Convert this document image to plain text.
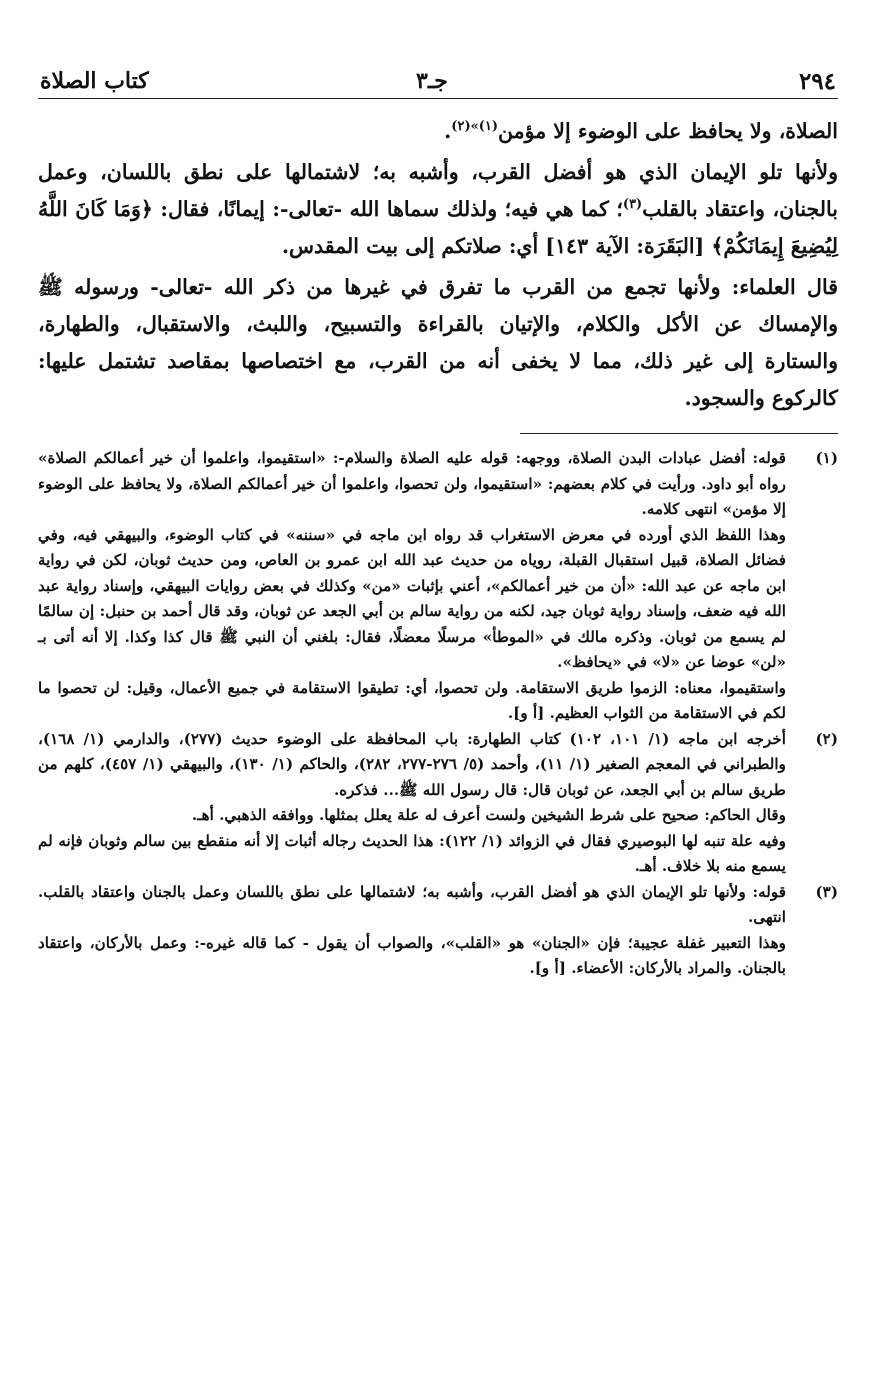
٢٩٤
جـ٣
كتاب الصلاة

الصلاة، ولا يحافظ على الوضوء إلا مؤمن$^{(١)»(٢)}$.

ولأنها تلو الإيمان الذي هو أفضل القرب، وأشبه به؛ لاشتمالها على نطق باللسان، وعمل بالجنان، واعتقاد بالقلب$^{(٣)}$؛ كما هي فيه؛ ولذلك سماها الله -تعالى-: إيمانًا، فقال: ﴿وَمَا كَانَ اللَّهُ لِيُضِيعَ إِيمَانَكُمْ﴾ [البَقَرَة: الآية ١٤٣] أي: صلاتكم إلى بيت المقدس.

قال العلماء: ولأنها تجمع من القرب ما تفرق في غيرها من ذكر الله -تعالى- ورسوله ﷺ والإمساك عن الأكل والكلام، والإتيان بالقراءة والتسبيح، واللبث، والاستقبال، والطهارة، والستارة إلى غير ذلك، مما لا يخفى أنه من القرب، مع اختصاصها بمقاصد تشتمل عليها: كالركوع والسجود.

(١)

قوله: أفضل عبادات البدن الصلاة، ووجهه: قوله عليه الصلاة والسلام-: «استقيموا، واعلموا أن خير أعمالكم الصلاة» رواه أبو داود. ورأيت في كلام بعضهم: «استقيموا، ولن تحصوا، واعلموا أن خير أعمالكم الصلاة، ولا يحافظ على الوضوء إلا مؤمن» انتهى كلامه.

وهذا اللفظ الذي أورده في معرض الاستغراب قد رواه ابن ماجه في «سننه» في كتاب الوضوء، والبيهقي فيه، وفي فضائل الصلاة، قبيل استقبال القبلة، روياه من حديث عبد الله ابن عمرو بن العاص، ومن حديث ثوبان، لكن في رواية ابن ماجه عن عبد الله: «أن من خير أعمالكم»، أعني بإثبات «من» وكذلك في بعض روايات البيهقي، وإسناد رواية عبد الله فيه ضعف، وإسناد رواية ثوبان جيد، لكنه من رواية سالم بن أبي الجعد عن ثوبان، وقد قال أحمد بن حنبل: إن سالمًا لم يسمع من ثوبان. وذكره مالك في «الموطأ» مرسلًا معضلًا، فقال: بلغني أن النبي ﷺ قال كذا وكذا. إلا أنه أتى بـ «لن» عوضا عن «لا» في «يحافظ».

واستقيموا، معناه: الزموا طريق الاستقامة. ولن تحصوا، أي: تطيقوا الاستقامة في جميع الأعمال، وقيل: لن تحصوا ما لكم في الاستقامة من الثواب العظيم. [أ و].

(٢)

أخرجه ابن ماجه (١/ ١٠١، ١٠٢) كتاب الطهارة: باب المحافظة على الوضوء حديث (٢٧٧)، والدارمي (١/ ١٦٨)، والطبراني في المعجم الصغير (١/ ١١)، وأحمد (٥/ ٢٧٦-٢٧٧، ٢٨٢)، والحاكم (١/ ١٣٠)، والبيهقي (١/ ٤٥٧)، كلهم من طريق سالم بن أبي الجعد، عن ثوبان قال: قال رسول الله ﷺ... فذكره.

وقال الحاكم: صحيح على شرط الشيخين ولست أعرف له علة يعلل بمثلها. ووافقه الذهبي. أهـ.

وفيه علة تنبه لها البوصيري فقال في الزوائد (١/ ١٢٢): هذا الحديث رجاله أثبات إلا أنه منقطع بين سالم وثوبان فإنه لم يسمع منه بلا خلاف. أهـ.

(٣)

قوله: ولأنها تلو الإيمان الذي هو أفضل القرب، وأشبه به؛ لاشتمالها على نطق باللسان وعمل بالجنان واعتقاد بالقلب. انتهى.

وهذا التعبير غفلة عجيبة؛ فإن «الجنان» هو «القلب»، والصواب أن يقول - كما قاله غيره-: وعمل بالأركان، واعتقاد بالجنان. والمراد بالأركان: الأعضاء. [أ و].
